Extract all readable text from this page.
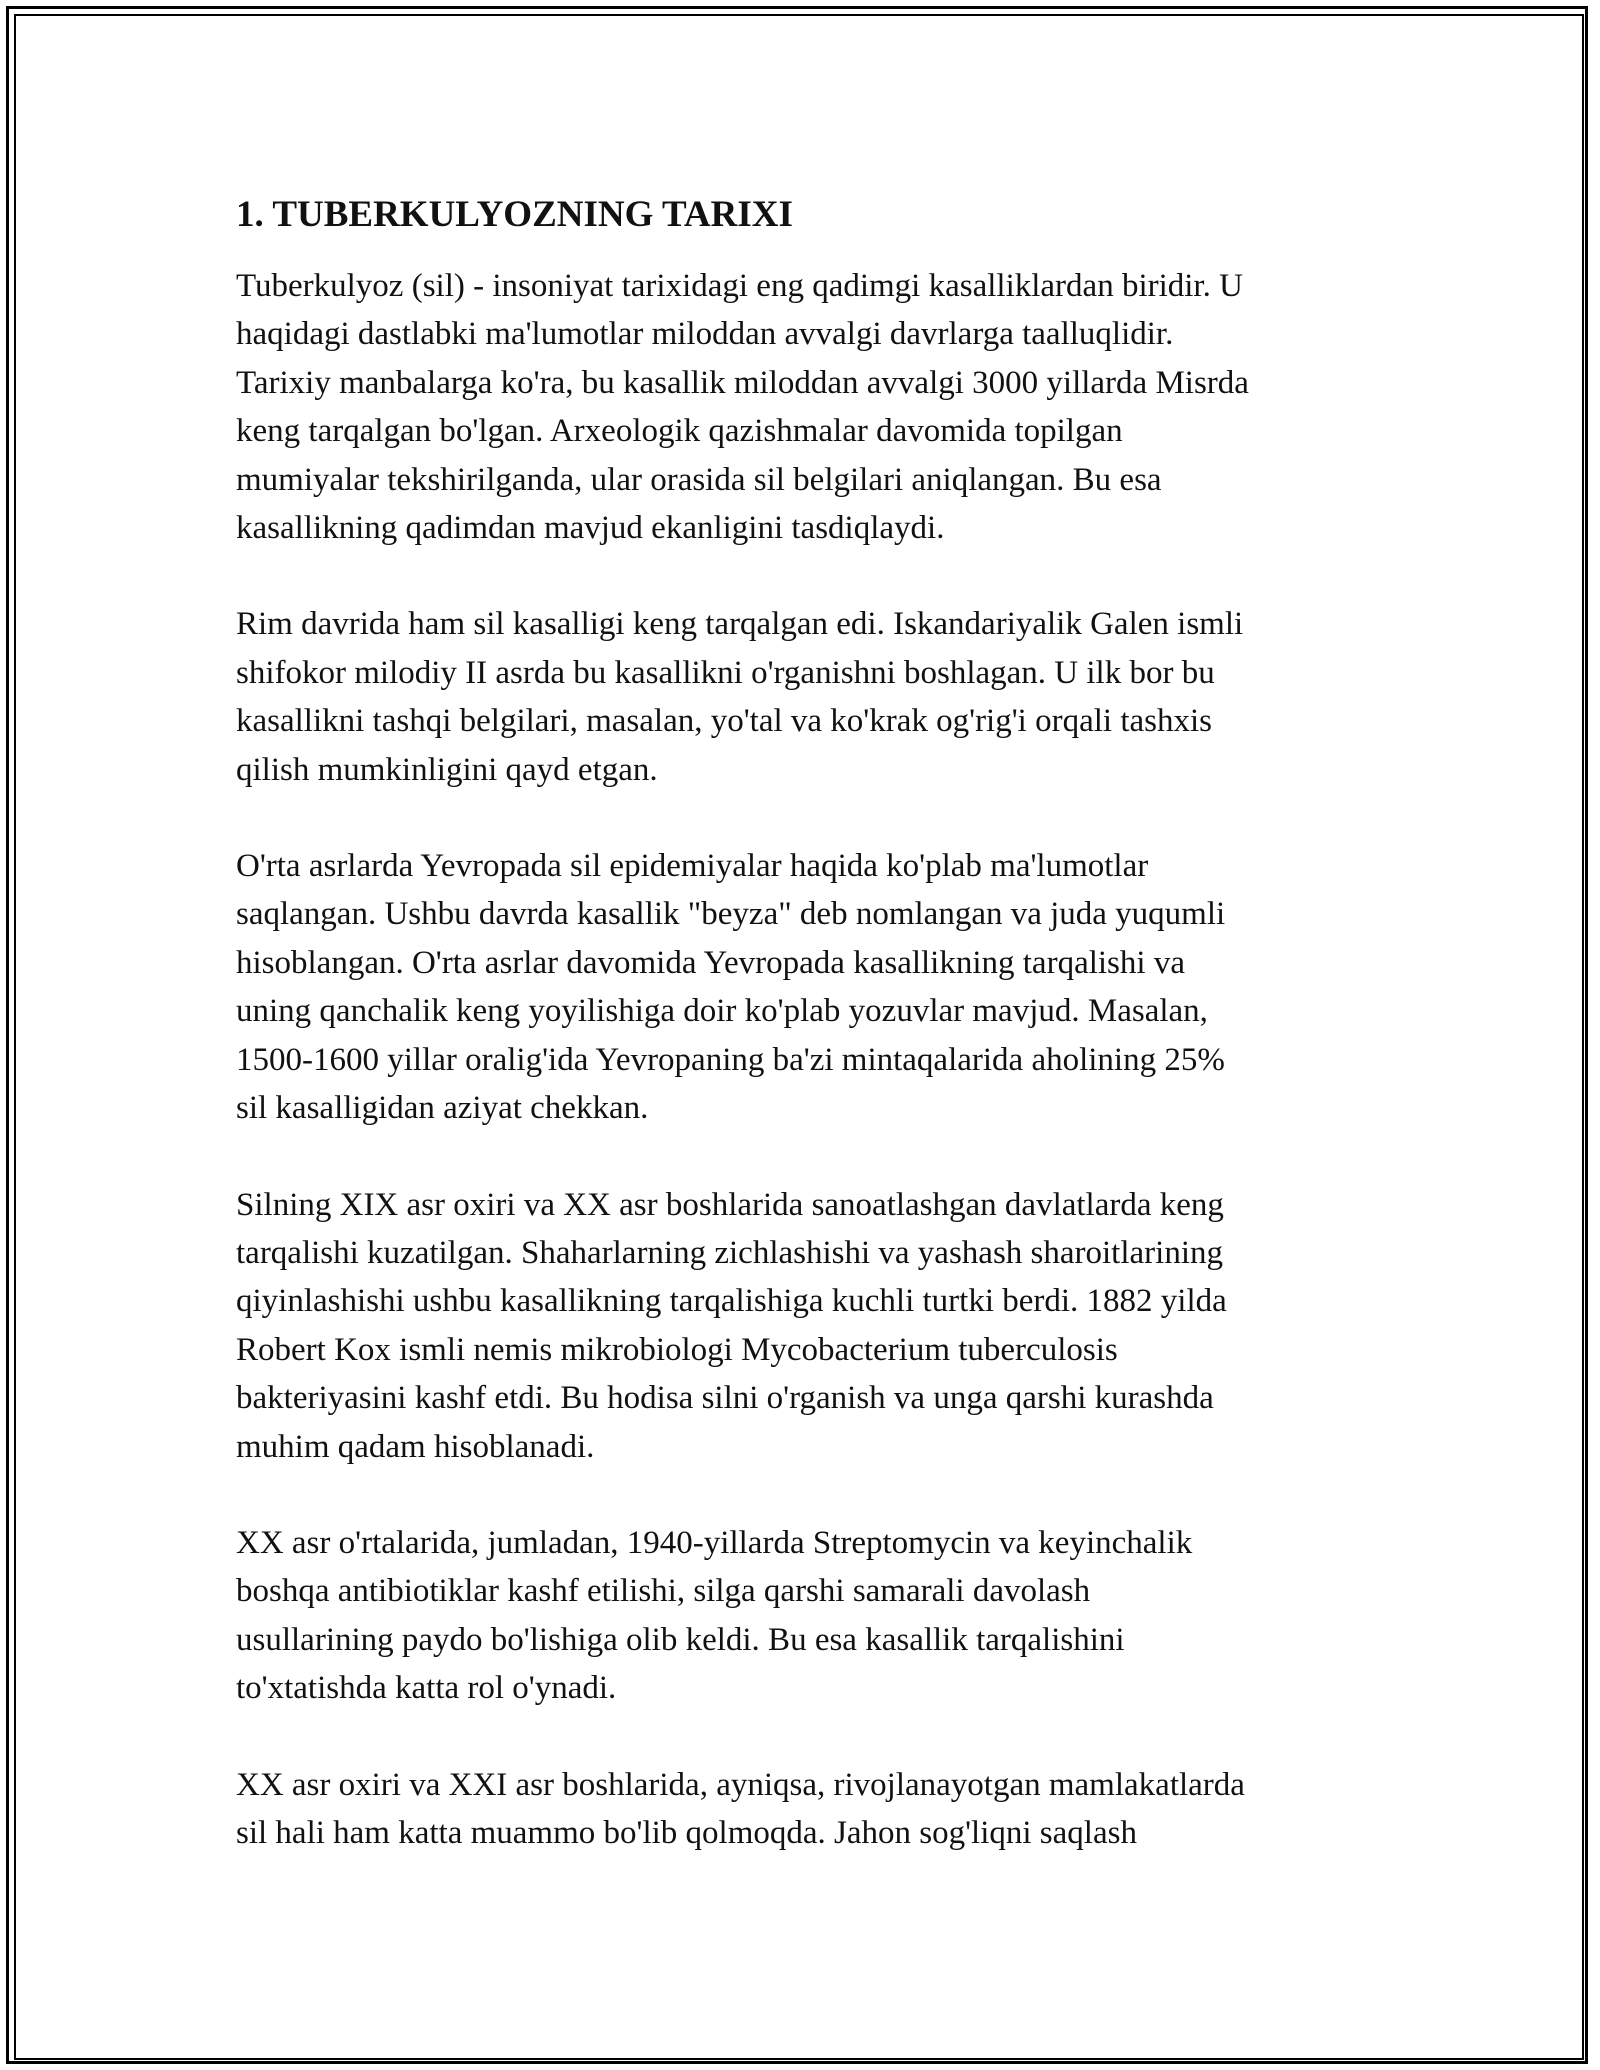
1. TUBERKULYOZNING TARIXI

Tuberkulyoz (sil) - insoniyat tarixidagi eng qadimgi kasalliklardan biridir. U
haqidagi dastlabki ma'lumotlar miloddan avvalgi davrlarga taalluqlidir.
Tarixiy manbalarga ko'ra, bu kasallik miloddan avvalgi 3000 yillarda Misrda
keng tarqalgan bo'lgan. Arxeologik qazishmalar davomida topilgan
mumiyalar tekshirilganda, ular orasida sil belgilari aniqlangan. Bu esa
kasallikning qadimdan mavjud ekanligini tasdiqlaydi.

Rim davrida ham sil kasalligi keng tarqalgan edi. Iskandariyalik Galen ismli
shifokor milodiy II asrda bu kasallikni o'rganishni boshlagan. U ilk bor bu
kasallikni tashqi belgilari, masalan, yo'tal va ko'krak og'rig'i orqali tashxis
qilish mumkinligini qayd etgan.

O'rta asrlarda Yevropada sil epidemiyalar haqida ko'plab ma'lumotlar
saqlangan. Ushbu davrda kasallik "beyza" deb nomlangan va juda yuqumli
hisoblangan. O'rta asrlar davomida Yevropada kasallikning tarqalishi va
uning qanchalik keng yoyilishiga doir ko'plab yozuvlar mavjud. Masalan,
1500-1600 yillar oralig'ida Yevropaning ba'zi mintaqalarida aholining 25%
sil kasalligidan aziyat chekkan.

Silning XIX asr oxiri va XX asr boshlarida sanoatlashgan davlatlarda keng
tarqalishi kuzatilgan. Shaharlarning zichlashishi va yashash sharoitlarining
qiyinlashishi ushbu kasallikning tarqalishiga kuchli turtki berdi. 1882 yilda
Robert Kox ismli nemis mikrobiologi Mycobacterium tuberculosis
bakteriyasini kashf etdi. Bu hodisa silni o'rganish va unga qarshi kurashda
muhim qadam hisoblanadi.

XX asr o'rtalarida, jumladan, 1940-yillarda Streptomycin va keyinchalik
boshqa antibiotiklar kashf etilishi, silga qarshi samarali davolash
usullarining paydo bo'lishiga olib keldi. Bu esa kasallik tarqalishini
to'xtatishda katta rol o'ynadi.

XX asr oxiri va XXI asr boshlarida, ayniqsa, rivojlanayotgan mamlakatlarda
sil hali ham katta muammo bo'lib qolmoqda. Jahon sog'liqni saqlash
